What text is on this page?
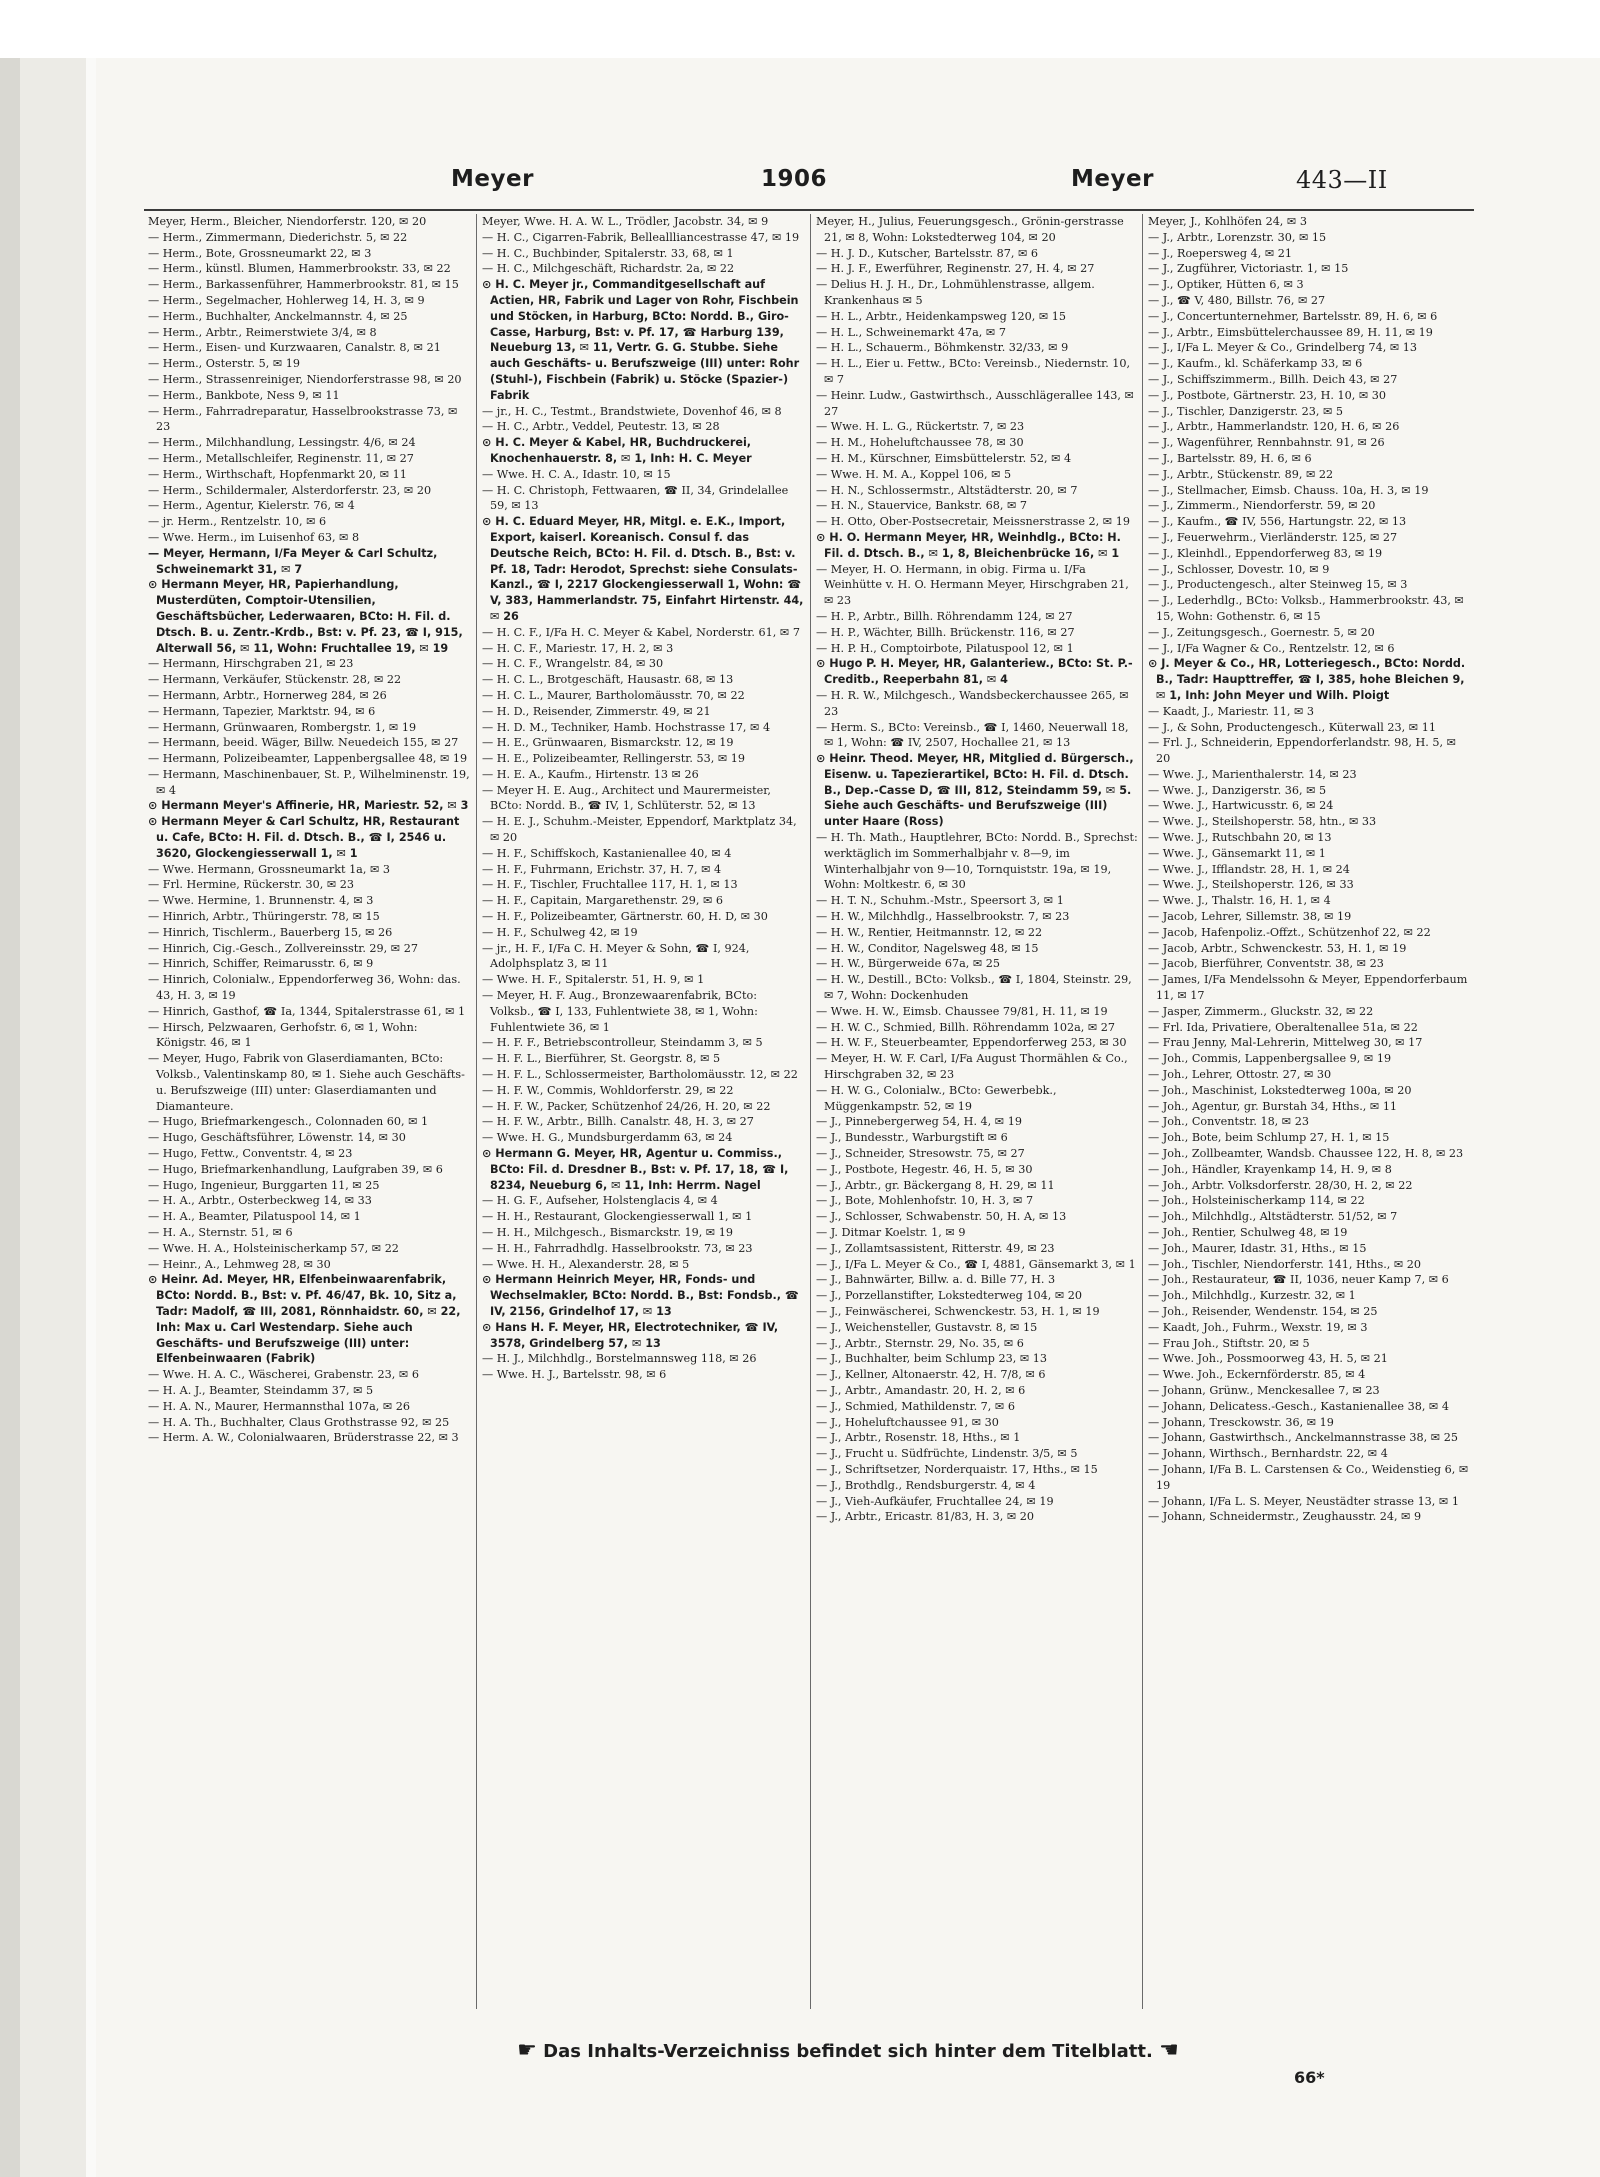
Meyer	1906	Meyer	443—II

Meyer, Herm., Bleicher, Niendorferstr. 120, ✉ 20

— Herm., Zimmermann, Diederichstr. 5, ✉ 22

— Herm., Bote, Grossneumarkt 22, ✉ 3

— Herm., künstl. Blumen, Hammerbrookstr. 33, ✉ 22

— Herm., Barkassenführer, Hammerbrookstr. 81, ✉ 15

— Herm., Segelmacher, Hohlerweg 14, H. 3, ✉ 9

— Herm., Buchhalter, Anckelmannstr. 4, ✉ 25

— Herm., Arbtr., Reimerstwiete 3/4, ✉ 8

— Herm., Eisen- und Kurzwaaren, Canalstr. 8, ✉ 21

— Herm., Osterstr. 5, ✉ 19

— Herm., Strassenreiniger, Niendorferstrasse 98, ✉ 20

— Herm., Bankbote, Ness 9, ✉ 11

— Herm., Fahrradreparatur, Hasselbrookstrasse 73, ✉ 23

— Herm., Milchhandlung, Lessingstr. 4/6, ✉ 24

— Herm., Metallschleifer, Reginenstr. 11, ✉ 27

— Herm., Wirthschaft, Hopfenmarkt 20, ✉ 11

— Herm., Schildermaler, Alsterdorferstr. 23, ✉ 20

— Herm., Agentur, Kielerstr. 76, ✉ 4

— jr. Herm., Rentzelstr. 10, ✉ 6

— Wwe. Herm., im Luisenhof 63, ✉ 8

— Meyer, Hermann, I/Fa Meyer & Carl Schultz, Schweinemarkt 31, ✉ 7

⊙ Hermann Meyer, HR, Papierhandlung, Musterdüten, Comptoir-Utensilien, Geschäftsbücher, Lederwaaren, BCto: H. Fil. d. Dtsch. B. u. Zentr.-Krdb., Bst: v. Pf. 23, ☎ I, 915, Alterwall 56, ✉ 11, Wohn: Fruchtallee 19, ✉ 19

— Hermann, Hirschgraben 21, ✉ 23

— Hermann, Verkäufer, Stückenstr. 28, ✉ 22

— Hermann, Arbtr., Hornerweg 284, ✉ 26

— Hermann, Tapezier, Marktstr. 94, ✉ 6

— Hermann, Grünwaaren, Rombergstr. 1, ✉ 19

— Hermann, beeid. Wäger, Billw. Neuedeich 155, ✉ 27

— Hermann, Polizeibeamter, Lappenbergsallee 48, ✉ 19

— Hermann, Maschinenbauer, St. P., Wilhelminenstr. 19, ✉ 4

⊙ Hermann Meyer's Affinerie, HR, Mariestr. 52, ✉ 3

⊙ Hermann Meyer & Carl Schultz, HR, Restaurant u. Cafe, BCto: H. Fil. d. Dtsch. B., ☎ I, 2546 u. 3620, Glockengiesserwall 1, ✉ 1

— Wwe. Hermann, Grossneumarkt 1a, ✉ 3

— Frl. Hermine, Rückerstr. 30, ✉ 23

— Wwe. Hermine, 1. Brunnenstr. 4, ✉ 3

— Hinrich, Arbtr., Thüringerstr. 78, ✉ 15

— Hinrich, Tischlerm., Bauerberg 15, ✉ 26

— Hinrich, Cig.-Gesch., Zollvereinsstr. 29, ✉ 27

— Hinrich, Schiffer, Reimarusstr. 6, ✉ 9

— Hinrich, Colonialw., Eppendorferweg 36, Wohn: das. 43, H. 3, ✉ 19

— Hinrich, Gasthof, ☎ Ia, 1344, Spitalerstrasse 61, ✉ 1

— Hirsch, Pelzwaaren, Gerhofstr. 6, ✉ 1, Wohn: Königstr. 46, ✉ 1

— Meyer, Hugo, Fabrik von Glaserdiamanten, BCto: Volksb., Valentinskamp 80, ✉ 1. Siehe auch Geschäfts- u. Berufszweige (III) unter: Glaserdiamanten und Diamanteure.

— Hugo, Briefmarkengesch., Colonnaden 60, ✉ 1

— Hugo, Geschäftsführer, Löwenstr. 14, ✉ 30

— Hugo, Fettw., Conventstr. 4, ✉ 23

— Hugo, Briefmarkenhandlung, Laufgraben 39, ✉ 6

— Hugo, Ingenieur, Burggarten 11, ✉ 25

— H. A., Arbtr., Osterbeckweg 14, ✉ 33

— H. A., Beamter, Pilatuspool 14, ✉ 1

— H. A., Sternstr. 51, ✉ 6

— Wwe. H. A., Holsteinischerkamp 57, ✉ 22

— Heinr., A., Lehmweg 28, ✉ 30

⊙ Heinr. Ad. Meyer, HR, Elfenbeinwaarenfabrik, BCto: Nordd. B., Bst: v. Pf. 46/47, Bk. 10, Sitz a, Tadr: Madolf, ☎ III, 2081, Rönnhaidstr. 60, ✉ 22, Inh: Max u. Carl Westendarp. Siehe auch Geschäfts- und Berufszweige (III) unter: Elfenbeinwaaren (Fabrik)

— Wwe. H. A. C., Wäscherei, Grabenstr. 23, ✉ 6

— H. A. J., Beamter, Steindamm 37, ✉ 5

— H. A. N., Maurer, Hermannsthal 107a, ✉ 26

— H. A. Th., Buchhalter, Claus Grothstrasse 92, ✉ 25

— Herm. A. W., Colonialwaaren, Brüderstrasse 22, ✉ 3

Meyer, Wwe. H. A. W. L., Trödler, Jacobstr. 34, ✉ 9

— H. C., Cigarren-Fabrik, Belleallliancestrasse 47, ✉ 19

— H. C., Buchbinder, Spitalerstr. 33, 68, ✉ 1

— H. C., Milchgeschäft, Richardstr. 2a, ✉ 22

⊙ H. C. Meyer jr., Commanditgesellschaft auf Actien, HR, Fabrik und Lager von Rohr, Fischbein und Stöcken, in Harburg, BCto: Nordd. B., Giro-Casse, Harburg, Bst: v. Pf. 17, ☎ Harburg 139, Neueburg 13, ✉ 11, Vertr. G. G. Stubbe. Siehe auch Geschäfts- u. Berufszweige (III) unter: Rohr (Stuhl-), Fischbein (Fabrik) u. Stöcke (Spazier-) Fabrik

— jr., H. C., Testmt., Brandstwiete, Dovenhof 46, ✉ 8

— H. C., Arbtr., Veddel, Peutestr. 13, ✉ 28

⊙ H. C. Meyer & Kabel, HR, Buchdruckerei, Knochenhauerstr. 8, ✉ 1, Inh: H. C. Meyer

— Wwe. H. C. A., Idastr. 10, ✉ 15

— H. C. Christoph, Fettwaaren, ☎ II, 34, Grindelallee 59, ✉ 13

⊙ H. C. Eduard Meyer, HR, Mitgl. e. E.K., Import, Export, kaiserl. Koreanisch. Consul f. das Deutsche Reich, BCto: H. Fil. d. Dtsch. B., Bst: v. Pf. 18, Tadr: Herodot, Sprechst: siehe Consulats-Kanzl., ☎ I, 2217 Glockengiesserwall 1, Wohn: ☎ V, 383, Hammerlandstr. 75, Einfahrt Hirtenstr. 44, ✉ 26

— H. C. F., I/Fa H. C. Meyer & Kabel, Norderstr. 61, ✉ 7

— H. C. F., Mariestr. 17, H. 2, ✉ 3

— H. C. F., Wrangelstr. 84, ✉ 30

— H. C. L., Brotgeschäft, Hausastr. 68, ✉ 13

— H. C. L., Maurer, Bartholomäusstr. 70, ✉ 22

— H. D., Reisender, Zimmerstr. 49, ✉ 21

— H. D. M., Techniker, Hamb. Hochstrasse 17, ✉ 4

— H. E., Grünwaaren, Bismarckstr. 12, ✉ 19

— H. E., Polizeibeamter, Rellingerstr. 53, ✉ 19

— H. E. A., Kaufm., Hirtenstr. 13 ✉ 26

— Meyer H. E. Aug., Architect und Maurermeister, BCto: Nordd. B., ☎ IV, 1, Schlüterstr. 52, ✉ 13

— H. E. J., Schuhm.-Meister, Eppendorf, Marktplatz 34, ✉ 20

— H. F., Schiffskoch, Kastanienallee 40, ✉ 4

— H. F., Fuhrmann, Erichstr. 37, H. 7, ✉ 4

— H. F., Tischler, Fruchtallee 117, H. 1, ✉ 13

— H. F., Capitain, Margarethenstr. 29, ✉ 6

— H. F., Polizeibeamter, Gärtnerstr. 60, H. D, ✉ 30

— H. F., Schulweg 42, ✉ 19

— jr., H. F., I/Fa C. H. Meyer & Sohn, ☎ I, 924, Adolphsplatz 3, ✉ 11

— Wwe. H. F., Spitalerstr. 51, H. 9, ✉ 1

— Meyer, H. F. Aug., Bronzewaarenfabrik, BCto: Volksb., ☎ I, 133, Fuhlentwiete 38, ✉ 1, Wohn: Fuhlentwiete 36, ✉ 1

— H. F. F., Betriebscontrolleur, Steindamm 3, ✉ 5

— H. F. L., Bierführer, St. Georgstr. 8, ✉ 5

— H. F. L., Schlossermeister, Bartholomäusstr. 12, ✉ 22

— H. F. W., Commis, Wohldorferstr. 29, ✉ 22

— H. F. W., Packer, Schützenhof 24/26, H. 20, ✉ 22

— H. F. W., Arbtr., Billh. Canalstr. 48, H. 3, ✉ 27

— Wwe. H. G., Mundsburgerdamm 63, ✉ 24

⊙ Hermann G. Meyer, HR, Agentur u. Commiss., BCto: Fil. d. Dresdner B., Bst: v. Pf. 17, 18, ☎ I, 8234, Neueburg 6, ✉ 11, Inh: Herrm. Nagel

— H. G. F., Aufseher, Holstenglacis 4, ✉ 4

— H. H., Restaurant, Glockengiesserwall 1, ✉ 1

— H. H., Milchgesch., Bismarckstr. 19, ✉ 19

— H. H., Fahrradhdlg. Hasselbrookstr. 73, ✉ 23

— Wwe. H. H., Alexanderstr. 28, ✉ 5

⊙ Hermann Heinrich Meyer, HR, Fonds- und Wechselmakler, BCto: Nordd. B., Bst: Fondsb., ☎ IV, 2156, Grindelhof 17, ✉ 13

⊙ Hans H. F. Meyer, HR, Electrotechniker, ☎ IV, 3578, Grindelberg 57, ✉ 13

— H. J., Milchhdlg., Borstelmannsweg 118, ✉ 26

— Wwe. H. J., Bartelsstr. 98, ✉ 6

Meyer, H., Julius, Feuerungsgesch., Grönin-gerstrasse 21, ✉ 8, Wohn: Lokstedterweg 104, ✉ 20

— H. J. D., Kutscher, Bartelsstr. 87, ✉ 6

— H. J. F., Ewerführer, Reginenstr. 27, H. 4, ✉ 27

— Delius H. J. H., Dr., Lohmühlenstrasse, allgem. Krankenhaus ✉ 5

— H. L., Arbtr., Heidenkampsweg 120, ✉ 15

— H. L., Schweinemarkt 47a, ✉ 7

— H. L., Schauerm., Böhmkenstr. 32/33, ✉ 9

— H. L., Eier u. Fettw., BCto: Vereinsb., Niedernstr. 10, ✉ 7

— Heinr. Ludw., Gastwirthsch., Ausschlägerallee 143, ✉ 27

— Wwe. H. L. G., Rückertstr. 7, ✉ 23

— H. M., Hoheluftchaussee 78, ✉ 30

— H. M., Kürschner, Eimsbüttelerstr. 52, ✉ 4

— Wwe. H. M. A., Koppel 106, ✉ 5

— H. N., Schlossermstr., Altstädterstr. 20, ✉ 7

— H. N., Stauervice, Bankstr. 68, ✉ 7

— H. Otto, Ober-Postsecretair, Meissnerstrasse 2, ✉ 19

⊙ H. O. Hermann Meyer, HR, Weinhdlg., BCto: H. Fil. d. Dtsch. B., ✉ 1, 8, Bleichenbrücke 16, ✉ 1

— Meyer, H. O. Hermann, in obig. Firma u. I/Fa Weinhütte v. H. O. Hermann Meyer, Hirschgraben 21, ✉ 23

— H. P., Arbtr., Billh. Röhrendamm 124, ✉ 27

— H. P., Wächter, Billh. Brückenstr. 116, ✉ 27

— H. P. H., Comptoirbote, Pilatuspool 12, ✉ 1

⊙ Hugo P. H. Meyer, HR, Galanteriew., BCto: St. P.-Creditb., Reeperbahn 81, ✉ 4

— H. R. W., Milchgesch., Wandsbeckerchaussee 265, ✉ 23

— Herm. S., BCto: Vereinsb., ☎ I, 1460, Neuerwall 18, ✉ 1, Wohn: ☎ IV, 2507, Hochallee 21, ✉ 13

⊙ Heinr. Theod. Meyer, HR, Mitglied d. Bürgersch., Eisenw. u. Tapezierartikel, BCto: H. Fil. d. Dtsch. B., Dep.-Casse D, ☎ III, 812, Steindamm 59, ✉ 5. Siehe auch Geschäfts- und Berufszweige (III) unter Haare (Ross)

— H. Th. Math., Hauptlehrer, BCto: Nordd. B., Sprechst: werktäglich im Sommerhalbjahr v. 8—9, im Winterhalbjahr von 9—10, Tornquiststr. 19a, ✉ 19, Wohn: Moltkestr. 6, ✉ 30

— H. T. N., Schuhm.-Mstr., Speersort 3, ✉ 1

— H. W., Milchhdlg., Hasselbrookstr. 7, ✉ 23

— H. W., Rentier, Heitmannstr. 12, ✉ 22

— H. W., Conditor, Nagelsweg 48, ✉ 15

— H. W., Bürgerweide 67a, ✉ 25

— H. W., Destill., BCto: Volksb., ☎ I, 1804, Steinstr. 29, ✉ 7, Wohn: Dockenhuden

— Wwe. H. W., Eimsb. Chaussee 79/81, H. 11, ✉ 19

— H. W. C., Schmied, Billh. Röhrendamm 102a, ✉ 27

— H. W. F., Steuerbeamter, Eppendorferweg 253, ✉ 30

— Meyer, H. W. F. Carl, I/Fa August Thormählen & Co., Hirschgraben 32, ✉ 23

— H. W. G., Colonialw., BCto: Gewerbebk., Müggenkampstr. 52, ✉ 19

— J., Pinnebergerweg 54, H. 4, ✉ 19

— J., Bundesstr., Warburgstift ✉ 6

— J., Schneider, Stresowstr. 75, ✉ 27

— J., Postbote, Hegestr. 46, H. 5, ✉ 30

— J., Arbtr., gr. Bäckergang 8, H. 29, ✉ 11

— J., Bote, Mohlenhofstr. 10, H. 3, ✉ 7

— J., Schlosser, Schwabenstr. 50, H. A, ✉ 13

— J. Ditmar Koelstr. 1, ✉ 9

— J., Zollamtsassistent, Ritterstr. 49, ✉ 23

— J., I/Fa L. Meyer & Co., ☎ I, 4881, Gänsemarkt 3, ✉ 1

— J., Bahnwärter, Billw. a. d. Bille 77, H. 3

— J., Porzellanstifter, Lokstedterweg 104, ✉ 20

— J., Feinwäscherei, Schwenckestr. 53, H. 1, ✉ 19

— J., Weichensteller, Gustavstr. 8, ✉ 15

— J., Arbtr., Sternstr. 29, No. 35, ✉ 6

— J., Buchhalter, beim Schlump 23, ✉ 13

— J., Kellner, Altonaerstr. 42, H. 7/8, ✉ 6

— J., Arbtr., Amandastr. 20, H. 2, ✉ 6

— J., Schmied, Mathildenstr. 7, ✉ 6

— J., Hoheluftchaussee 91, ✉ 30

— J., Arbtr., Rosenstr. 18, Hths., ✉ 1

— J., Frucht u. Südfrüchte, Lindenstr. 3/5, ✉ 5

— J., Schriftsetzer, Norderquaistr. 17, Hths., ✉ 15

— J., Brothdlg., Rendsburgerstr. 4, ✉ 4

— J., Vieh-Aufkäufer, Fruchtallee 24, ✉ 19

— J., Arbtr., Ericastr. 81/83, H. 3, ✉ 20

Meyer, J., Kohlhöfen 24, ✉ 3

— J., Arbtr., Lorenzstr. 30, ✉ 15

— J., Roepersweg 4, ✉ 21

— J., Zugführer, Victoriastr. 1, ✉ 15

— J., Optiker, Hütten 6, ✉ 3

— J., ☎ V, 480, Billstr. 76, ✉ 27

— J., Concertunternehmer, Bartelsstr. 89, H. 6, ✉ 6

— J., Arbtr., Eimsbüttelerchaussee 89, H. 11, ✉ 19

— J., I/Fa L. Meyer & Co., Grindelberg 74, ✉ 13

— J., Kaufm., kl. Schäferkamp 33, ✉ 6

— J., Schiffszimmerm., Billh. Deich 43, ✉ 27

— J., Postbote, Gärtnerstr. 23, H. 10, ✉ 30

— J., Tischler, Danzigerstr. 23, ✉ 5

— J., Arbtr., Hammerlandstr. 120, H. 6, ✉ 26

— J., Wagenführer, Rennbahnstr. 91, ✉ 26

— J., Bartelsstr. 89, H. 6, ✉ 6

— J., Arbtr., Stückenstr. 89, ✉ 22

— J., Stellmacher, Eimsb. Chauss. 10a, H. 3, ✉ 19

— J., Zimmerm., Niendorferstr. 59, ✉ 20

— J., Kaufm., ☎ IV, 556, Hartungstr. 22, ✉ 13

— J., Feuerwehrm., Vierländerstr. 125, ✉ 27

— J., Kleinhdl., Eppendorferweg 83, ✉ 19

— J., Schlosser, Dovestr. 10, ✉ 9

— J., Productengesch., alter Steinweg 15, ✉ 3

— J., Lederhdlg., BCto: Volksb., Hammerbrookstr. 43, ✉ 15, Wohn: Gothenstr. 6, ✉ 15

— J., Zeitungsgesch., Goernestr. 5, ✉ 20

— J., I/Fa Wagner & Co., Rentzelstr. 12, ✉ 6

⊙ J. Meyer & Co., HR, Lotteriegesch., BCto: Nordd. B., Tadr: Haupttreffer, ☎ I, 385, hohe Bleichen 9, ✉ 1, Inh: John Meyer und Wilh. Ploigt

— Kaadt, J., Mariestr. 11, ✉ 3

— J., & Sohn, Productengesch., Küterwall 23, ✉ 11

— Frl. J., Schneiderin, Eppendorferlandstr. 98, H. 5, ✉ 20

— Wwe. J., Marienthalerstr. 14, ✉ 23

— Wwe. J., Danzigerstr. 36, ✉ 5

— Wwe. J., Hartwicusstr. 6, ✉ 24

— Wwe. J., Steilshoperstr. 58, htn., ✉ 33

— Wwe. J., Rutschbahn 20, ✉ 13

— Wwe. J., Gänsemarkt 11, ✉ 1

— Wwe. J., Ifflandstr. 28, H. 1, ✉ 24

— Wwe. J., Steilshoperstr. 126, ✉ 33

— Wwe. J., Thalstr. 16, H. 1, ✉ 4

— Jacob, Lehrer, Sillemstr. 38, ✉ 19

— Jacob, Hafenpoliz.-Offzt., Schützenhof 22, ✉ 22

— Jacob, Arbtr., Schwenckestr. 53, H. 1, ✉ 19

— Jacob, Bierführer, Conventstr. 38, ✉ 23

— James, I/Fa Mendelssohn & Meyer, Eppendorferbaum 11, ✉ 17

— Jasper, Zimmerm., Gluckstr. 32, ✉ 22

— Frl. Ida, Privatiere, Oberaltenallee 51a, ✉ 22

— Frau Jenny, Mal-Lehrerin, Mittelweg 30, ✉ 17

— Joh., Commis, Lappenbergsallee 9, ✉ 19

— Joh., Lehrer, Ottostr. 27, ✉ 30

— Joh., Maschinist, Lokstedterweg 100a, ✉ 20

— Joh., Agentur, gr. Burstah 34, Hths., ✉ 11

— Joh., Conventstr. 18, ✉ 23

— Joh., Bote, beim Schlump 27, H. 1, ✉ 15

— Joh., Zollbeamter, Wandsb. Chaussee 122, H. 8, ✉ 23

— Joh., Händler, Krayenkamp 14, H. 9, ✉ 8

— Joh., Arbtr. Volksdorferstr. 28/30, H. 2, ✉ 22

— Joh., Holsteinischerkamp 114, ✉ 22

— Joh., Milchhdlg., Altstädterstr. 51/52, ✉ 7

— Joh., Rentier, Schulweg 48, ✉ 19

— Joh., Maurer, Idastr. 31, Hths., ✉ 15

— Joh., Tischler, Niendorferstr. 141, Hths., ✉ 20

— Joh., Restaurateur, ☎ II, 1036, neuer Kamp 7, ✉ 6

— Joh., Milchhdlg., Kurzestr. 32, ✉ 1

— Joh., Reisender, Wendenstr. 154, ✉ 25

— Kaadt, Joh., Fuhrm., Wexstr. 19, ✉ 3

— Frau Joh., Stiftstr. 20, ✉ 5

— Wwe. Joh., Possmoorweg 43, H. 5, ✉ 21

— Wwe. Joh., Eckernförderstr. 85, ✉ 4

— Johann, Grünw., Menckesallee 7, ✉ 23

— Johann, Delicatess.-Gesch., Kastanienallee 38, ✉ 4

— Johann, Tresckowstr. 36, ✉ 19

— Johann, Gastwirthsch., Anckelmannstrasse 38, ✉ 25

— Johann, Wirthsch., Bernhardstr. 22, ✉ 4

— Johann, I/Fa B. L. Carstensen & Co., Weidenstieg 6, ✉ 19

— Johann, I/Fa L. S. Meyer, Neustädter strasse 13, ✉ 1

— Johann, Schneidermstr., Zeughausstr. 24, ✉ 9

☛ Das Inhalts-Verzeichniss befindet sich hinter dem Titelblatt. ☚
66*
